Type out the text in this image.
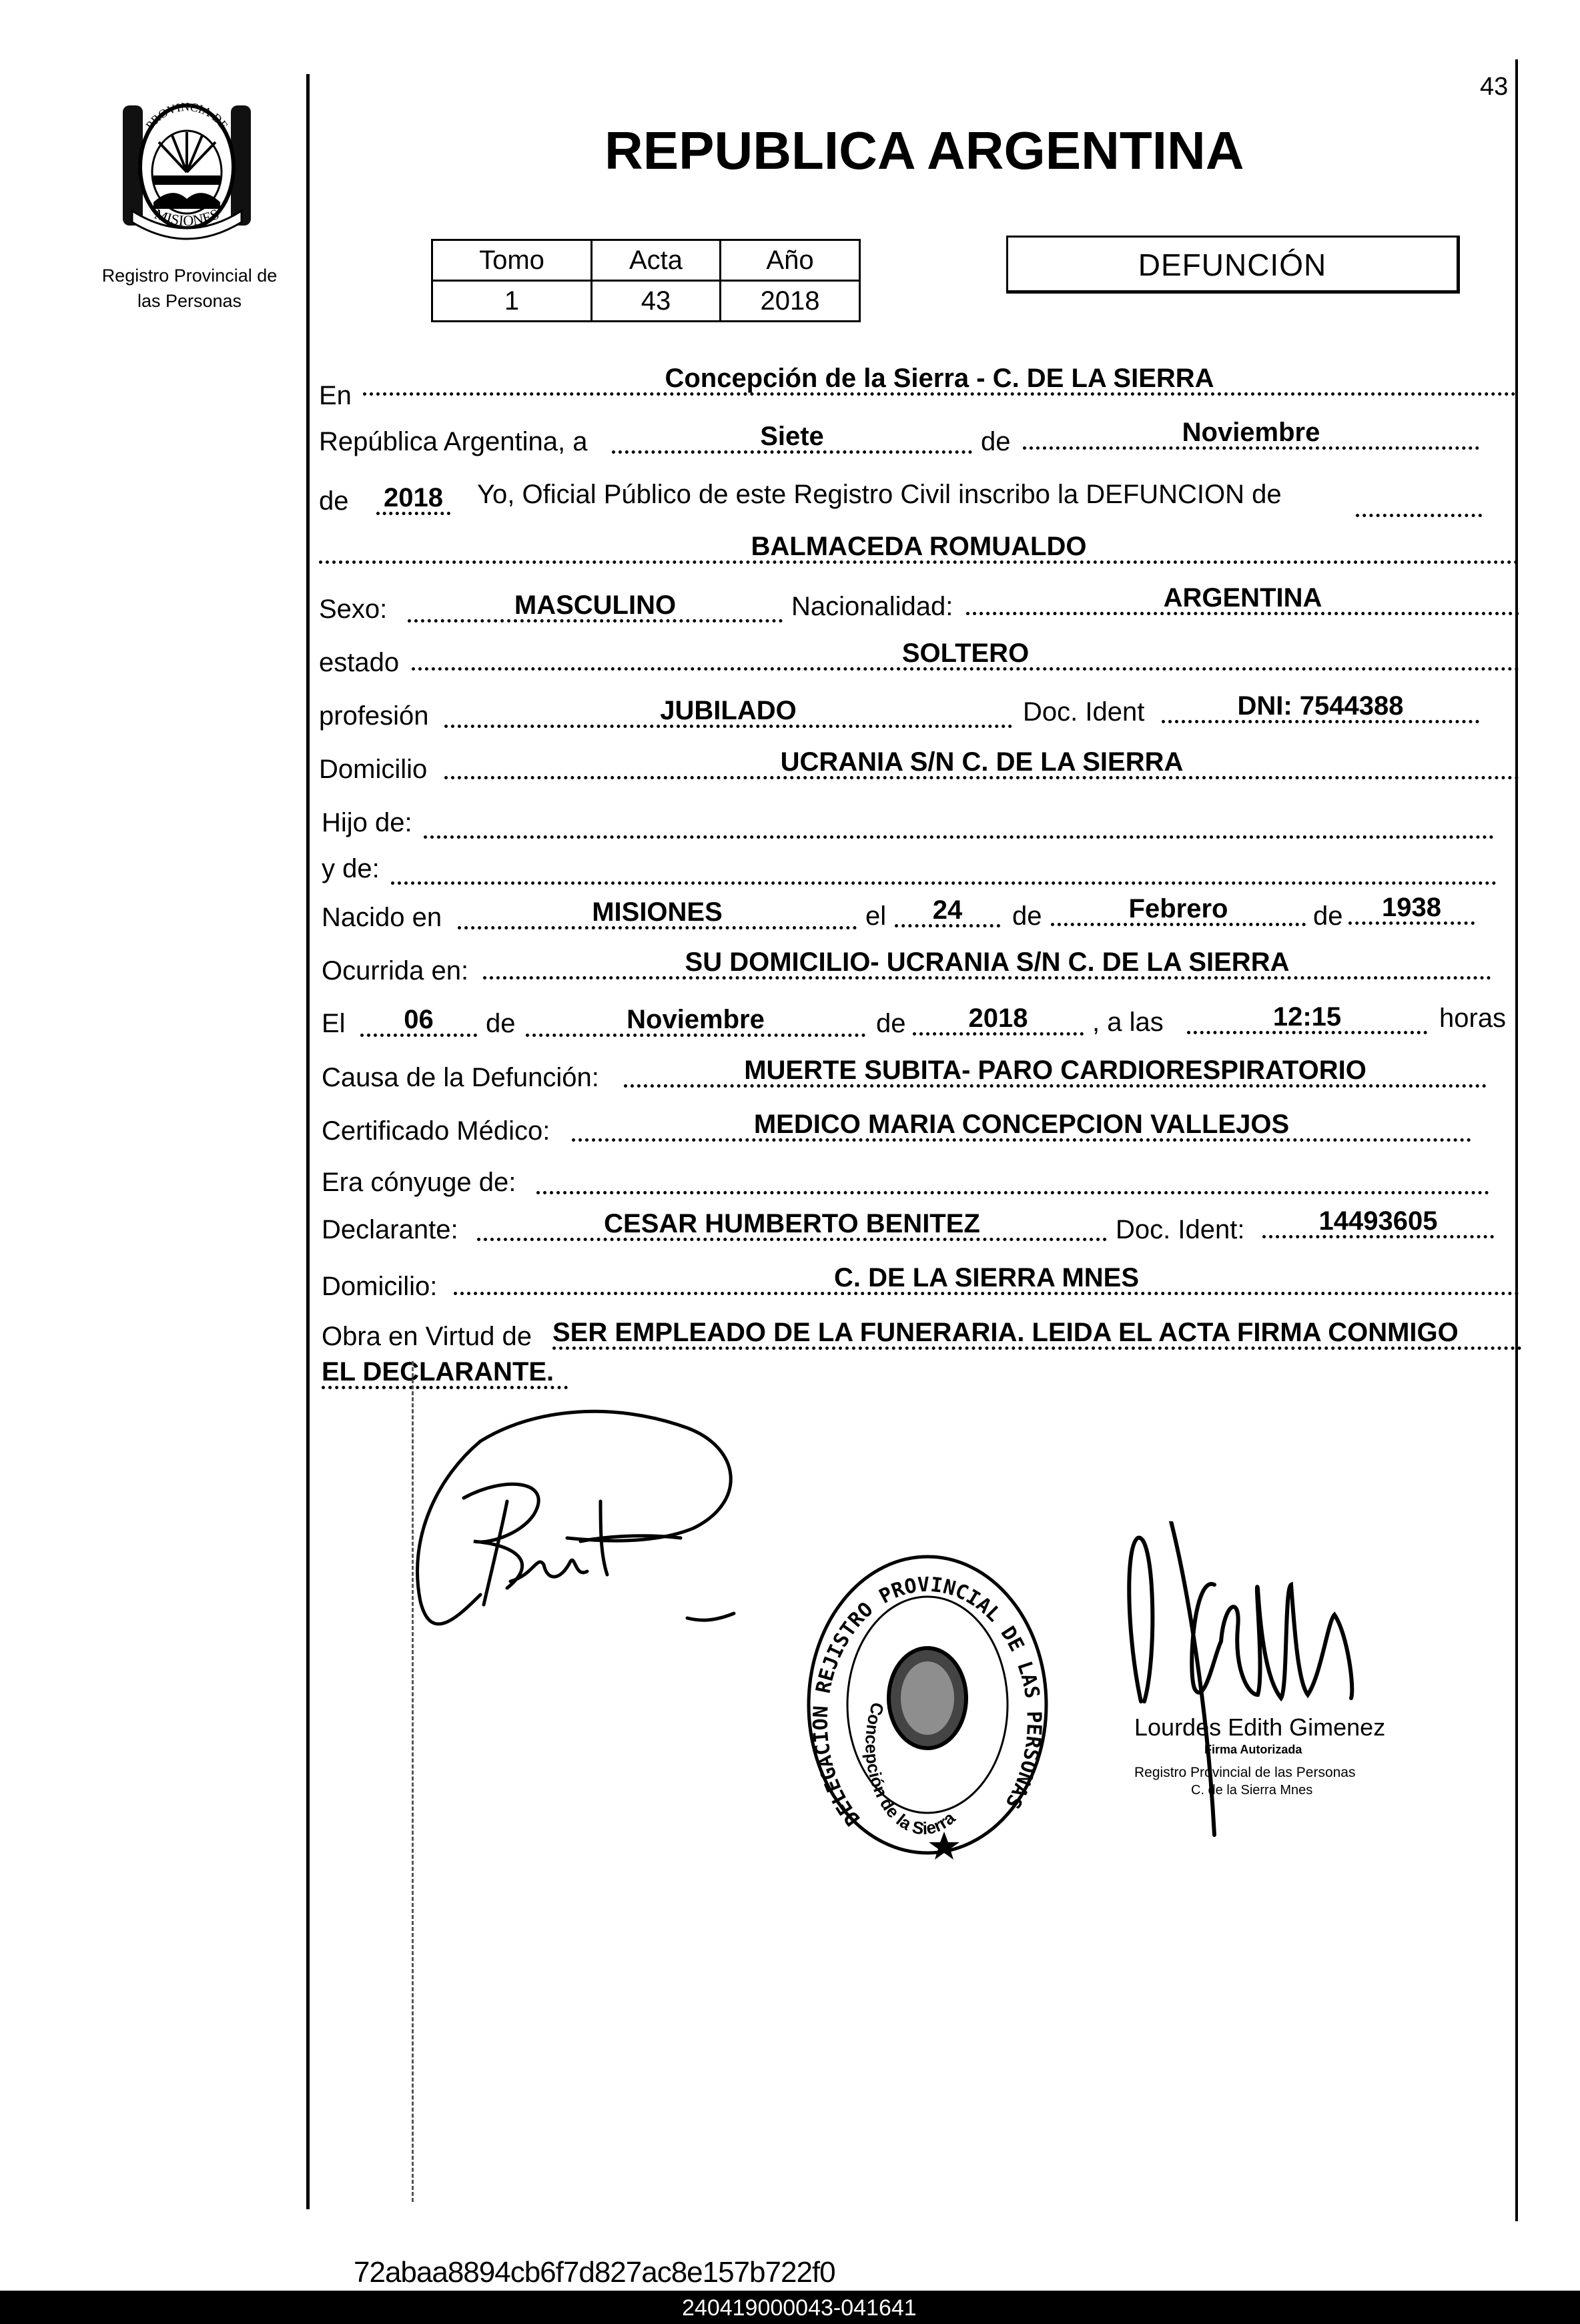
43
PROVINCIA DE
MISIONES
Registro Provincial de
las Personas
REPUBLICA ARGENTINA
Tomo	Acta	Año
1	43	2018
DEFUNCIÓN
En
Concepción de la Sierra - C. DE LA SIERRA
República Argentina, a	Siete	de	Noviembre
de 2018 Yo, Oficial Público de este Registro Civil inscribo la DEFUNCION de
BALMACEDA ROMUALDO
Sexo:	MASCULINO	Nacionalidad:	ARGENTINA
estado	SOLTERO
profesión	JUBILADO	Doc. Ident	DNI: 7544388
Domicilio	UCRANIA S/N C. DE LA SIERRA
Hijo de:
y de:
Nacido en	MISIONES	el	24	de	Febrero	de	1938
Ocurrida en:	SU DOMICILIO- UCRANIA S/N C. DE LA SIERRA
El	06	de	Noviembre	de	2018	, a las	12:15	horas
Causa de la Defunción:	MUERTE SUBITA- PARO CARDIORESPIRATORIO
Certificado Médico:	MEDICO MARIA CONCEPCION VALLEJOS
Era cónyuge de:
Declarante:	CESAR HUMBERTO BENITEZ	Doc. Ident:	14493605
Domicilio:	C. DE LA SIERRA MNES
Obra en Virtud de SER EMPLEADO DE LA FUNERARIA. LEIDA EL ACTA FIRMA CONMIGO
EL DECLARANTE.
DELEGACION REJISTRO PROVINCIAL DE LAS PERSONAS
Concepción de la Sierra
Lourdes Edith Gimenez
Firma Autorizada
Registro Provincial de las Personas
C. de la Sierra Mnes
72abaa8894cb6f7d827ac8e157b722f0
240419000043-041641
